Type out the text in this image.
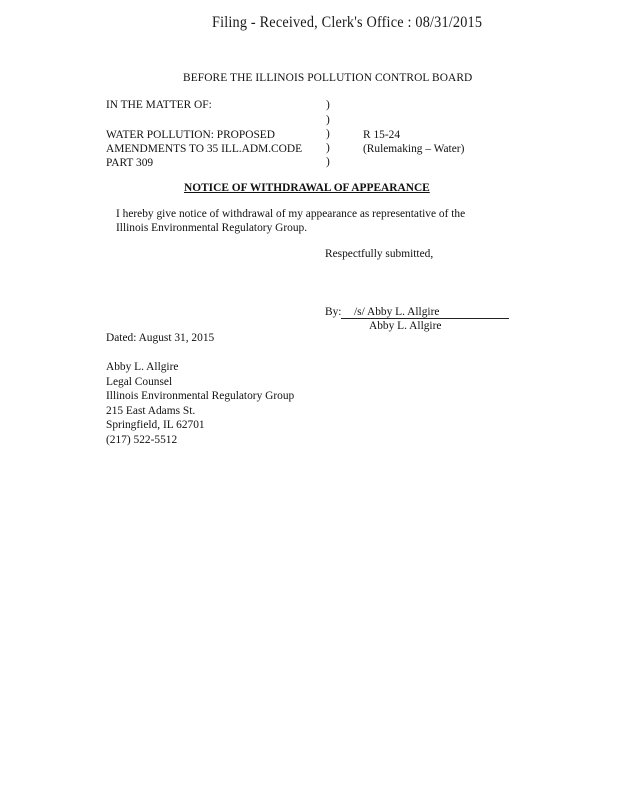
Filing - Received, Clerk's Office : 08/31/2015
BEFORE THE ILLINOIS POLLUTION CONTROL BOARD
IN THE MATTER OF:	)
)
)
)
)
WATER POLLUTION: PROPOSED
AMENDMENTS TO 35 ILL.ADM.CODE
PART 309
R 15-24
(Rulemaking – Water)
NOTICE OF WITHDRAWAL OF APPEARANCE
I hereby give notice of withdrawal of my appearance as representative of the
Illinois Environmental Regulatory Group.
Respectfully submitted,
By:	/s/ Abby L. Allgire
Abby L. Allgire
Dated: August 31, 2015
Abby L. Allgire
Legal Counsel
Illinois Environmental Regulatory Group
215 East Adams St.
Springfield, IL 62701
(217) 522-5512
